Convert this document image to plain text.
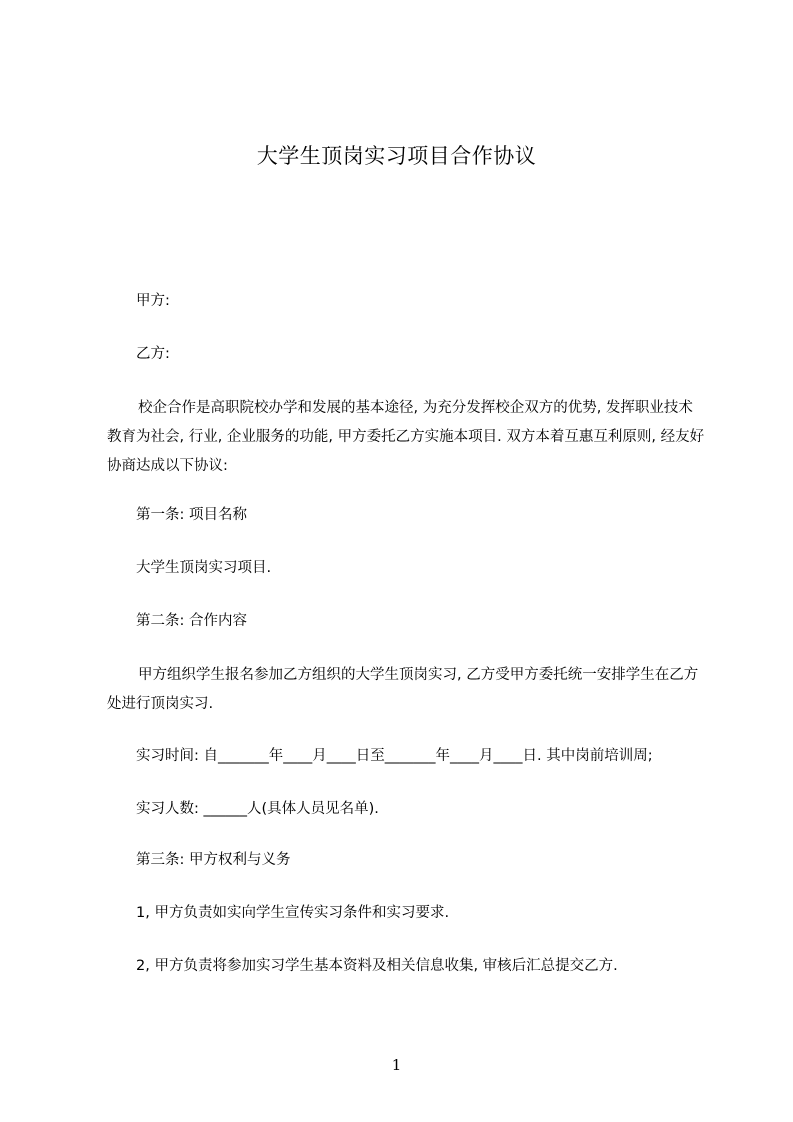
大学生顶岗实习项目合作协议
甲方:
乙方:
校企合作是高职院校办学和发展的基本途径, 为充分发挥校企双方的优势, 发挥职业技术教育为社会, 行业, 企业服务的功能, 甲方委托乙方实施本项目. 双方本着互惠互利原则, 经友好协商达成以下协议:
第一条: 项目名称
大学生顶岗实习项目.
第二条: 合作内容
甲方组织学生报名参加乙方组织的大学生顶岗实习, 乙方受甲方委托统一安排学生在乙方处进行顶岗实习.
实习时间: 自_______年____月____日至_______年____月____日. 其中岗前培训周;
实习人数: ______人(具体人员见名单).
第三条: 甲方权利与义务
1, 甲方负责如实向学生宣传实习条件和实习要求.
2, 甲方负责将参加实习学生基本资料及相关信息收集, 审核后汇总提交乙方.
1
